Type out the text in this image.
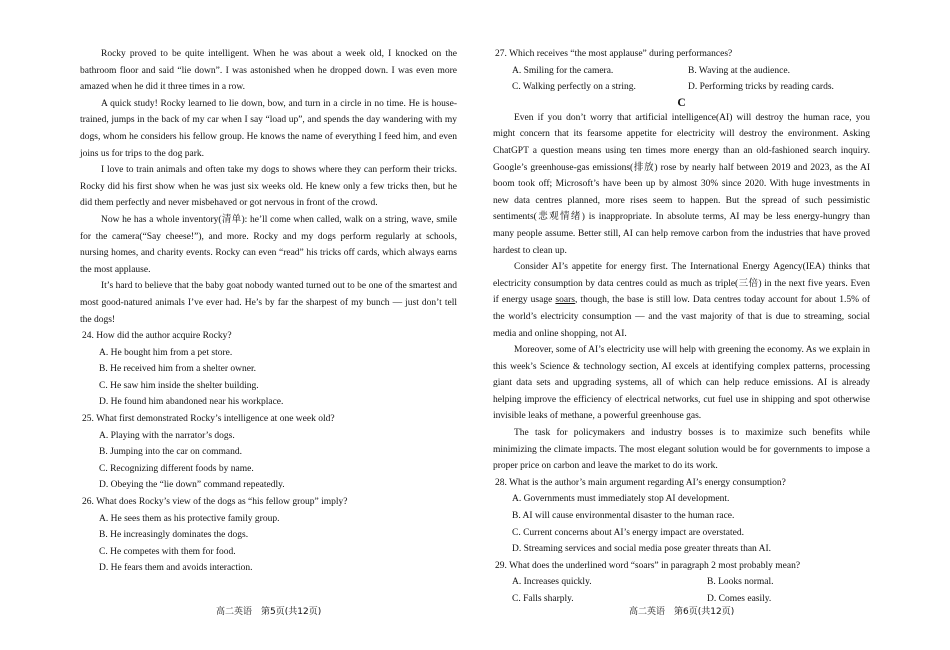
Rocky proved to be quite intelligent. When he was about a week old, I knocked on the bathroom floor and said “lie down”. I was astonished when he dropped down. I was even more amazed when he did it three times in a row.

A quick study! Rocky learned to lie down, bow, and turn in a circle in no time. He is house-trained, jumps in the back of my car when I say “load up”, and spends the day wandering with my dogs, whom he considers his fellow group. He knows the name of everything I feed him, and even joins us for trips to the dog park.

I love to train animals and often take my dogs to shows where they can perform their tricks. Rocky did his first show when he was just six weeks old. He knew only a few tricks then, but he did them perfectly and never misbehaved or got nervous in front of the crowd.

Now he has a whole inventory(清单): he’ll come when called, walk on a string, wave, smile for the camera(“Say cheese!”), and more. Rocky and my dogs perform regularly at schools, nursing homes, and charity events. Rocky can even “read” his tricks off cards, which always earns the most applause.

It’s hard to believe that the baby goat nobody wanted turned out to be one of the smartest and most good-natured animals I’ve ever had. He’s by far the sharpest of my bunch — just don’t tell the dogs!

24. How did the author acquire Rocky?

A. He bought him from a pet store.

B. He received him from a shelter owner.

C. He saw him inside the shelter building.

D. He found him abandoned near his workplace.

25. What first demonstrated Rocky’s intelligence at one week old?

A. Playing with the narrator’s dogs.

B. Jumping into the car on command.

C. Recognizing different foods by name.

D. Obeying the “lie down” command repeatedly.

26. What does Rocky’s view of the dogs as “his fellow group” imply?

A. He sees them as his protective family group.

B. He increasingly dominates the dogs.

C. He competes with them for food.

D. He fears them and avoids interaction.

27. Which receives “the most applause” during performances?

A. Smiling for the camera.	B. Waving at the audience.
C. Walking perfectly on a string.	D. Performing tricks by reading cards.

C

Even if you don’t worry that artificial intelligence(AI) will destroy the human race, you might concern that its fearsome appetite for electricity will destroy the environment. Asking ChatGPT a question means using ten times more energy than an old-fashioned search inquiry. Google’s greenhouse-gas emissions(排放) rose by nearly half between 2019 and 2023, as the AI boom took off; Microsoft’s have been up by almost 30% since 2020. With huge investments in new data centres planned, more rises seem to happen. But the spread of such pessimistic sentiments(悲观情绪) is inappropriate. In absolute terms, AI may be less energy-hungry than many people assume. Better still, AI can help remove carbon from the industries that have proved hardest to clean up.

Consider AI’s appetite for energy first. The International Energy Agency(IEA) thinks that electricity consumption by data centres could as much as triple(三倍) in the next five years. Even if energy usage soars, though, the base is still low. Data centres today account for about 1.5% of the world’s electricity consumption — and the vast majority of that is due to streaming, social media and online shopping, not AI.

Moreover, some of AI’s electricity use will help with greening the economy. As we explain in this week’s Science & technology section, AI excels at identifying complex patterns, processing giant data sets and upgrading systems, all of which can help reduce emissions. AI is already helping improve the efficiency of electrical networks, cut fuel use in shipping and spot otherwise invisible leaks of methane, a powerful greenhouse gas.

The task for policymakers and industry bosses is to maximize such benefits while minimizing the climate impacts. The most elegant solution would be for governments to impose a proper price on carbon and leave the market to do its work.

28. What is the author’s main argument regarding AI’s energy consumption?

A. Governments must immediately stop AI development.

B. AI will cause environmental disaster to the human race.

C. Current concerns about AI’s energy impact are overstated.

D. Streaming services and social media pose greater threats than AI.

29. What does the underlined word “soars” in paragraph 2 most probably mean?

A. Increases quickly.	B. Looks normal.
C. Falls sharply.	D. Comes easily.
高二英语　第5页(共12页)	高二英语　第6页(共12页)
